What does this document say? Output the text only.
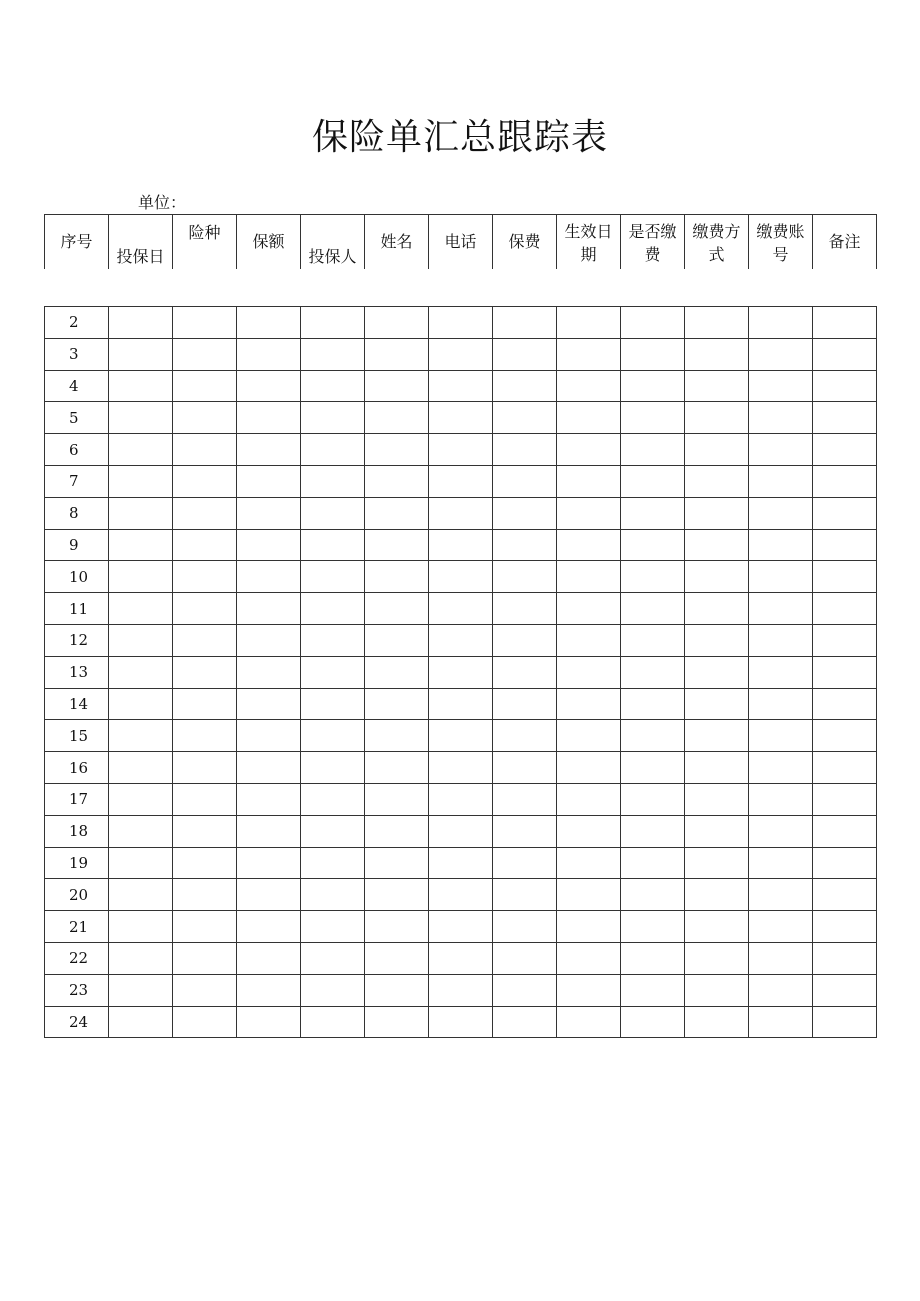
保险单汇总跟踪表
单位：
序号	投保日	险种	保额	投保人	姓名	电话	保费	生效日期	是否缴费	缴费方式	缴费账号	备注
2												
3												
4												
5												
6												
7												
8												
9												
10												
11												
12												
13												
14												
15												
16												
17												
18												
19												
20												
21												
22												
23												
24												
